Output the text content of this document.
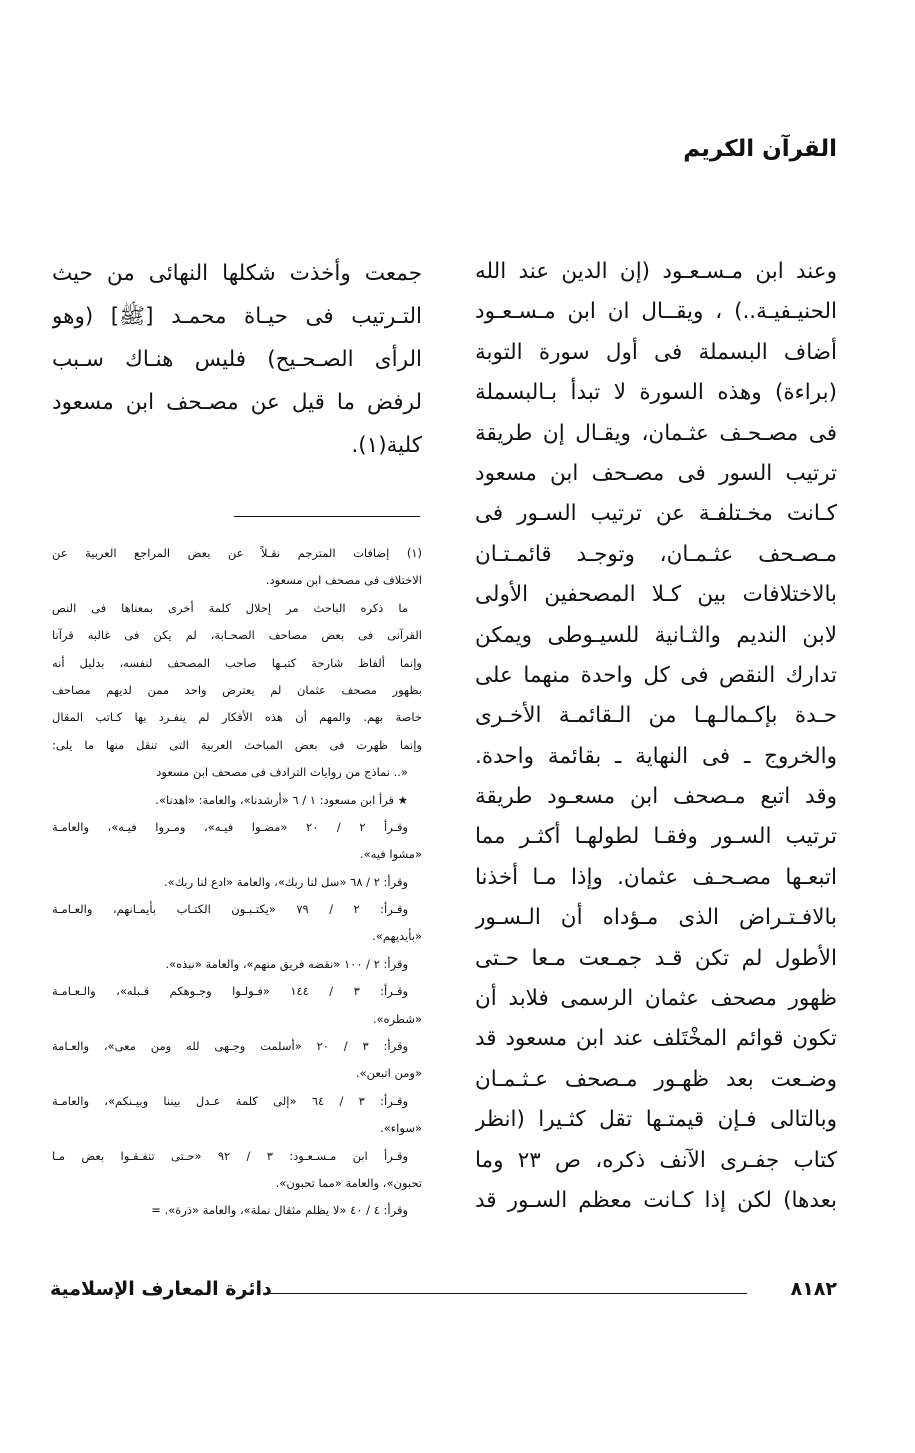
القرآن الكريم
وعند ابن مـسـعـود (إن الدين عند الله
الحنيـفيـة..) ، ويقــال ان ابن مـسـعـود
أضاف البسملة فى أول سورة التوبة
(براءة) وهذه السورة لا تبدأ بـالبسملة
فى مصـحـف عثـمان، ويقـال إن طريقة
ترتيب السور فى مصـحف ابن مسعود
كـانت مخـتلفـة عن ترتيب السـور فى
مـصـحف عثـمـان، وتوجـد قائمـتـان
بالاختلافات بين كـلا المصحفين الأولى
لابن النديم والثـانية للسيـوطى ويمكن
تدارك النقص فى كل واحدة منهما على
حـدة بإكـمالـهـا من الـقائمـة الأخـرى
والخروج ـ فى النهاية ـ بقائمة واحدة.
وقد اتبع مـصحف ابن مسعـود طريقة
ترتيب السـور وفقـا لطولهـا أكثـر مما
اتبعـها مصـحـف عثمان. وإذا مـا أخذنا
بالافـتـراض الذى مـؤداه أن الـسـور
الأطول لم تكن قـد جمـعت مـعا حـتى
ظهور مصحف عثمان الرسمى فلابد أن
تكون قوائم المخْتَلف عند ابن مسعود قد
وضـعت بعد ظهـور مـصحف عـثـمـان
وبالتالى فـإن قيمتـها تقل كثـيرا (انظر
كتاب جفـرى الآنف ذكره، ص ٢٣ وما
بعدها) لكن إذا كـانت معظم السـور قد
جمعت وأخذت شكلها النهائى من حيث
التـرتيب فى حيـاة محمـد [ﷺ] (وهو
الرأى الصـحـيح) فليس هنـاك سـبب
لرفض ما قيل عن مصـحف ابن مسعود
كلية(١).
(١) إضافات المترجم نقـلاً عن بعض المراجع العربية عن
الاختلاف فى مصحف ابن مسعود.
ما ذكره الباحث مر إحلال كلمة أخرى بمعناها فى النص
القرآنى فى بعض مصاحف الصحـابة، لم يكن فى غالبه قرآنا
وإنما ألفاظ شارحة كتبـها صاحب المصحف لنفسه، بدليل أنه
بظهور مصحف عثمان لم يعترض واحد ممن لديهم مصاحف
خاصة بهم. والمهم أن هذه الأفكار لم ينفـرد بها كـاتب المقال
وإنما ظهرت فى بعض المباحث العربية التى تنقل منها ما يلى:
«.. نماذج من روايات الترادف فى مصحف ابن مسعود
★ قرأ ابن مسعود: ١ / ٦ «أرشدنا»، والعامة: «اهدنا».
وقـرأ ٢ / ٢٠ «مضـوا فيـه»، ومـروا فيـه»، والعامـة
«مشوا فيه».
وقرأ: ٢ / ٦٨ «سل لنا ربك»، والعامة «ادع لنا ربك».
وقـرأ: ٢ / ٧٩ «يكتـبـون الكتـاب بأيمـانهم، والعـامـة
«بأيديهم».
وقرأ: ٢ / ١٠٠ «نقضه فريق منهم»، والعامة «نبذه».
وقـرأ: ٣ / ١٤٤ «فـولـوا وجـوهكم قـبله»، والـعـامـة
«شطره».
وقرأ: ٣ / ٢٠ «أسلمت وجـهى لله ومن معى»، والعـامة
«ومن اتبعن».
وقـرأ: ٣ / ٦٤ «إلى كلمة عـدل بيننا وبيـنكم»، والعامـة
«سواء».
وقـرأ ابن مـسـعـود: ٣ / ٩٢ «حـتى تنفـقـوا بعض مـا
تحبون»، والعامة «مما تحبون».
وقرأ: ٤ / ٤٠ «لا يظلم مثقال نملة»، والعامة «ذرة». =
٨١٨٢
دائرة المعارف الإسلامية
